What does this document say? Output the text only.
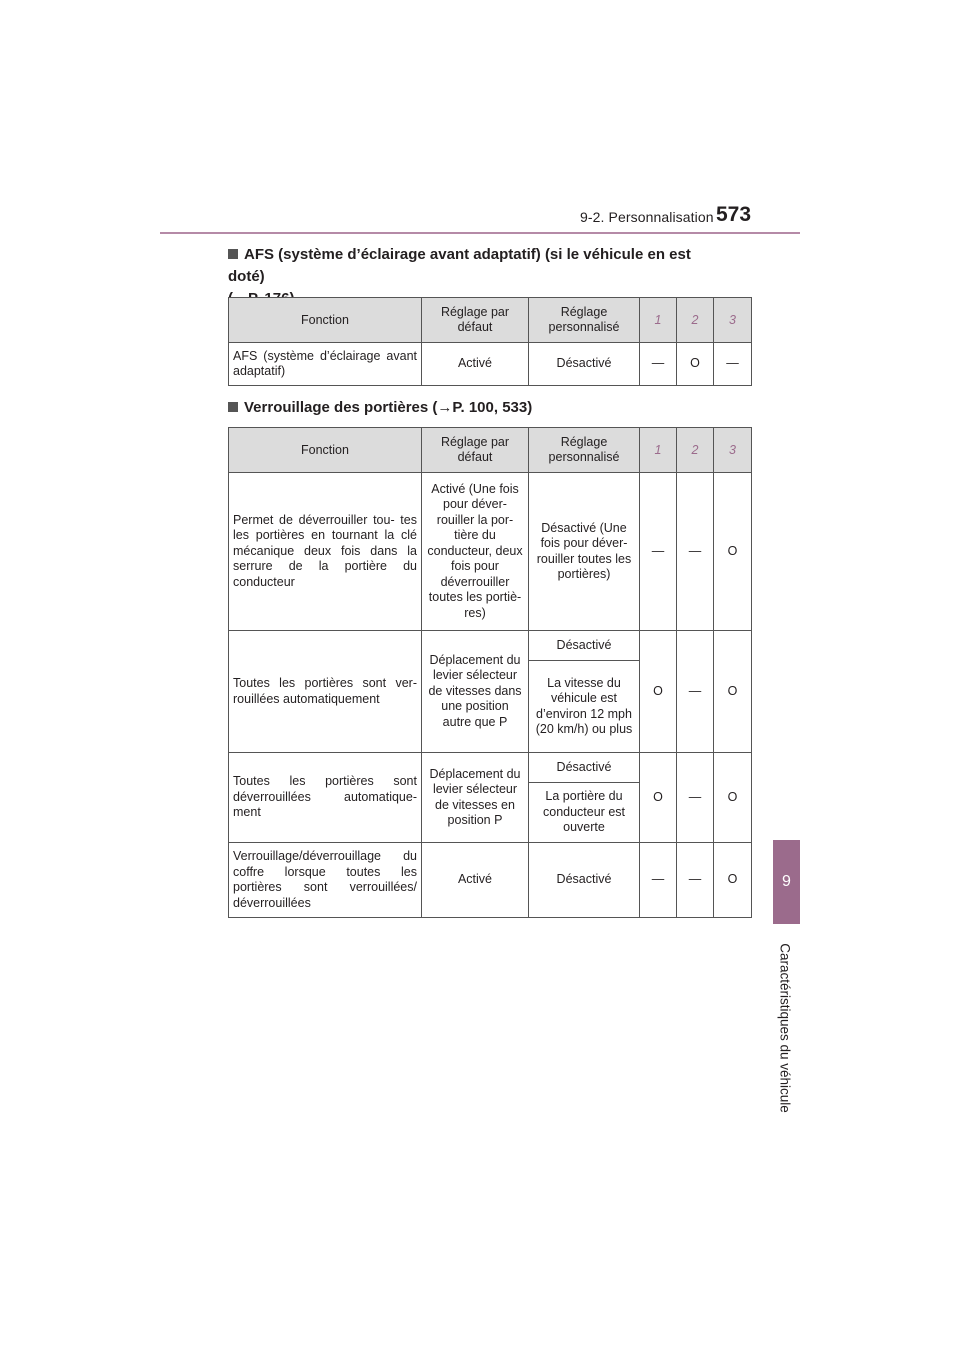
9-2. Personnalisation 573
9
Caractéristiques du véhicule
AFS (système d’éclairage avant adaptatif) (si le véhicule en est doté)

Fonction	Réglage par défaut	Réglage personnalisé	1	2	3
AFS (système d’éclairage avant adaptatif)	Activé	Désactivé	—	O	—
Verrouillage des portières (→P. 100, 533)
Fonction	Réglage par défaut	Réglage personnalisé	1	2	3
Permet de déverrouiller tou- tes les portières en tournant la clé mécanique deux fois dans la serrure de la portière du conducteur	Activé (Une fois pour déver- rouiller la por- tière du conducteur, deux fois pour déverrouiller toutes les portiè- res)	Désactivé (Une fois pour déver- rouiller toutes les portières)	—	—	O
Toutes les portières sont ver- rouillées automatiquement	Déplacement du levier sélecteur de vitesses dans une position autre que P	Désactivé	O	—	O
		La vitesse du véhicule est d’environ 12 mph (20 km/h) ou plus			
Toutes les portières sont déverrouillées automatique- ment	Déplacement du levier sélecteur de vitesses en position P	Désactivé	O	—	O
		La portière du conducteur est ouverte			
Verrouillage/déverrouillage du coffre lorsque toutes les portières sont verrouillées/ déverrouillées	Activé	Désactivé	—	—	O
